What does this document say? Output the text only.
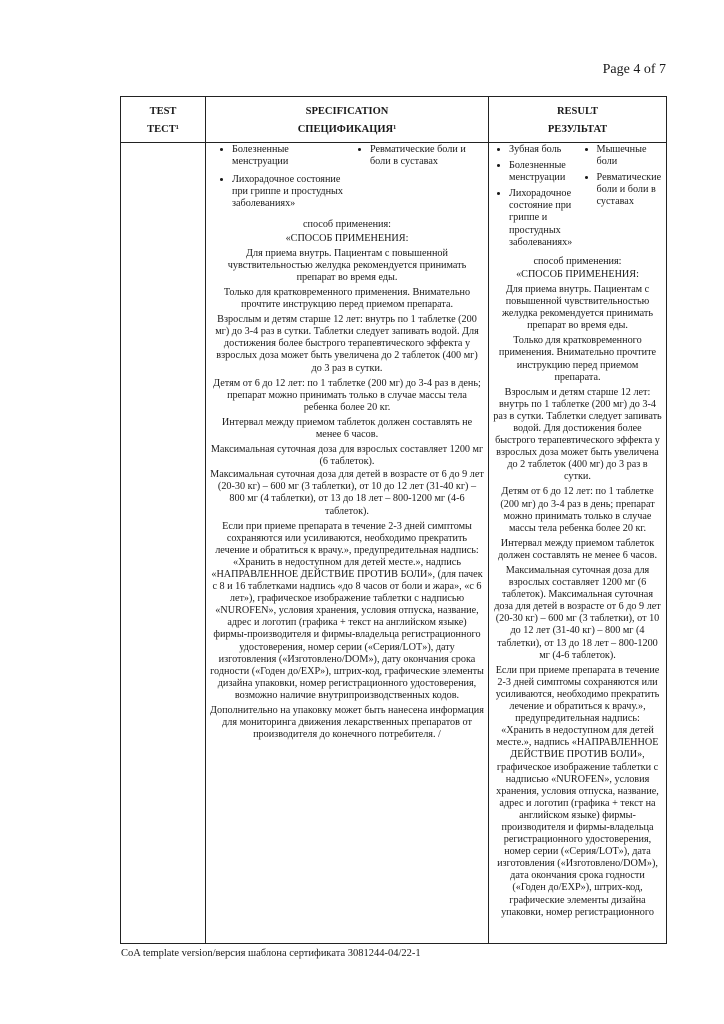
Page 4 of 7
TEST
ТЕСТ¹
SPECIFICATION
СПЕЦИФИКАЦИЯ¹
RESULT
РЕЗУЛЬТАТ
• Болезненные менструации
• Лихорадочное состояние при гриппе и простудных заболеваниях»
• Ревматические боли и боли в суставах

способ применения:

«СПОСОБ ПРИМЕНЕНИЯ:

Для приема внутрь. Пациентам с повышенной чувствительностью желудка рекомендуется принимать препарат во время еды.

Только для кратковременного применения. Внимательно прочтите инструкцию перед приемом препарата.

Взрослым и детям старше 12 лет: внутрь по 1 таблетке (200 мг) до 3-4 раз в сутки. Таблетки следует запивать водой. Для достижения более быстрого терапевтического эффекта у взрослых доза может быть увеличена до 2 таблеток (400 мг) до 3 раз в сутки.

Детям от 6 до 12 лет: по 1 таблетке (200 мг) до 3-4 раз в день; препарат можно принимать только в случае массы тела ребенка более 20 кг.

Интервал между приемом таблеток должен составлять не менее 6 часов.

Максимальная суточная доза для взрослых составляет 1200 мг (6 таблеток).

Максимальная суточная доза для детей в возрасте от 6 до 9 лет (20-30 кг) – 600 мг (3 таблетки), от 10 до 12 лет (31-40 кг) – 800 мг (4 таблетки), от 13 до 18 лет – 800-1200 мг (4-6 таблеток).

Если при приеме препарата в течение 2-3 дней симптомы сохраняются или усиливаются, необходимо прекратить лечение и обратиться к врачу.», предупредительная надпись: «Хранить в недоступном для детей месте.», надпись «НАПРАВЛЕННОЕ ДЕЙСТВИЕ ПРОТИВ БОЛИ», (для пачек с 8 и 16 таблетками надпись «до 8 часов от боли и жара», «с 6 лет»), графическое изображение таблетки с надписью «NUROFEN», условия хранения, условия отпуска, название, адрес и логотип (графика + текст на английском языке) фирмы-производителя и фирмы-владельца регистрационного удостоверения, номер серии («Серия/LOT»), дату изготовления («Изготовлено/DOM»), дату окончания срока годности («Годен до/EXP»), штрих-код, графические элементы дизайна упаковки, номер регистрационного удостоверения, возможно наличие внутрипроизводственных кодов.

Дополнительно на упаковку может быть нанесена информация для мониторинга движения лекарственных препаратов от производителя до конечного потребителя. /

• Зубная боль
• Болезненные менструации
• Лихорадочное состояние при гриппе и простудных заболеваниях»
• Мышечные боли
• Ревматические боли и боли в суставах

способ применения:

«СПОСОБ ПРИМЕНЕНИЯ:

Для приема внутрь. Пациентам с повышенной чувствительностью желудка рекомендуется принимать препарат во время еды.

Только для кратковременного применения. Внимательно прочтите инструкцию перед приемом препарата.

Взрослым и детям старше 12 лет: внутрь по 1 таблетке (200 мг) до 3-4 раз в сутки. Таблетки следует запивать водой. Для достижения более быстрого терапевтического эффекта у взрослых доза может быть увеличена до 2 таблеток (400 мг) до 3 раз в сутки.

Детям от 6 до 12 лет: по 1 таблетке (200 мг) до 3-4 раз в день; препарат можно принимать только в случае массы тела ребенка более 20 кг.

Интервал между приемом таблеток должен составлять не менее 6 часов.

Максимальная суточная доза для взрослых составляет 1200 мг (6 таблеток). Максимальная суточная доза для детей в возрасте от 6 до 9 лет (20-30 кг) – 600 мг (3 таблетки), от 10 до 12 лет (31-40 кг) – 800 мг (4 таблетки), от 13 до 18 лет – 800-1200 мг (4-6 таблеток).

Если при приеме препарата в течение 2-3 дней симптомы сохраняются или усиливаются, необходимо прекратить лечение и обратиться к врачу.», предупредительная надпись: «Хранить в недоступном для детей месте.», надпись «НАПРАВЛЕННОЕ ДЕЙСТВИЕ ПРОТИВ БОЛИ», графическое изображение таблетки с надписью «NUROFEN», условия хранения, условия отпуска, название, адрес и логотип (графика + текст на английском языке) фирмы-производителя и фирмы-владельца регистрационного удостоверения, номер серии («Серия/LOT»), дата изготовления («Изготовлено/DOM»), дата окончания срока годности («Годен до/EXP»), штрих-код, графические элементы дизайна упаковки, номер регистрационного

CoA template version/версия шаблона сертификата 3081244-04/22-1
